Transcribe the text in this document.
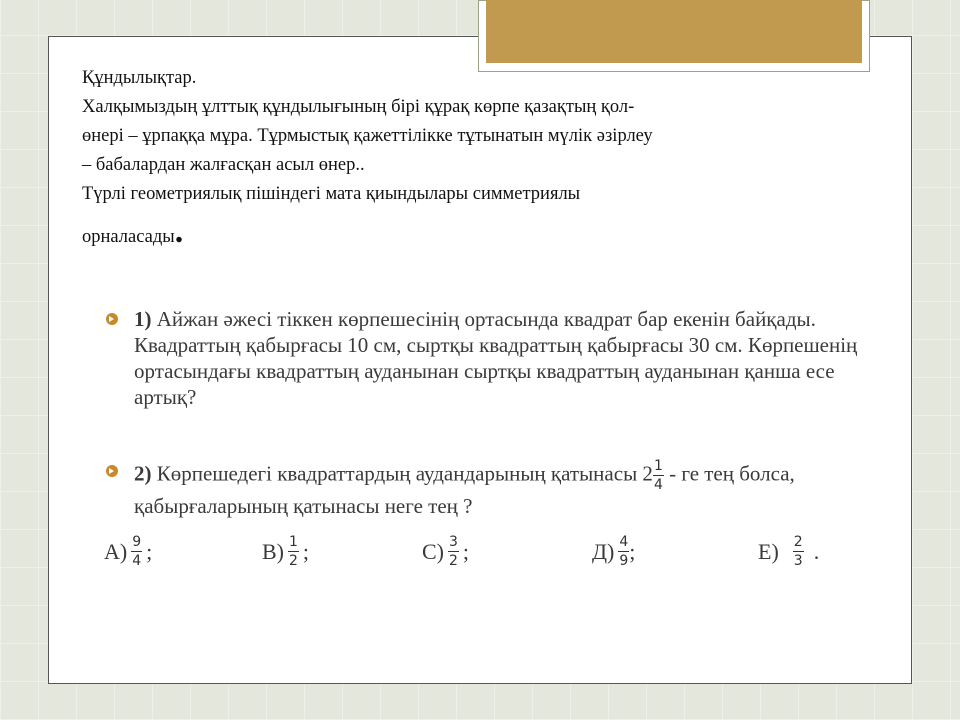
Құндылықтар.

Халқымыздың ұлттық құндылығының бірі құрақ көрпе қазақтың қол-

өнері – ұрпаққа мұра. Тұрмыстық қажеттілікке тұтынатын мүлік әзірлеу

– бабалардан жалғасқан асыл өнер..

Түрлі геометриялық пішіндегі мата қиындылары симметриялы

орналасады.

1) Айжан әжесі тіккен көрпешесінің ортасында квадрат бар екенін байқады. Квадраттың қабырғасы 10 см, сыртқы квадраттың қабырғасы 30 см. Көрпешенің ортасындағы квадраттың ауданынан сыртқы квадраттың ауданынан қанша есе артық?
2) Көрпешедегі квадраттардың аудандарының қатынасы $2 \frac{1}{4}$ - ге тең болса, қабырғаларының қатынасы неге тең ?
$А) \frac{9}{4}$ ;	$В) \frac{1}{2}$ ;	$С) \frac{3}{2}$ ;	$Д) \frac{4}{9}$ ;	$Е) \frac{2}{3}$ .
